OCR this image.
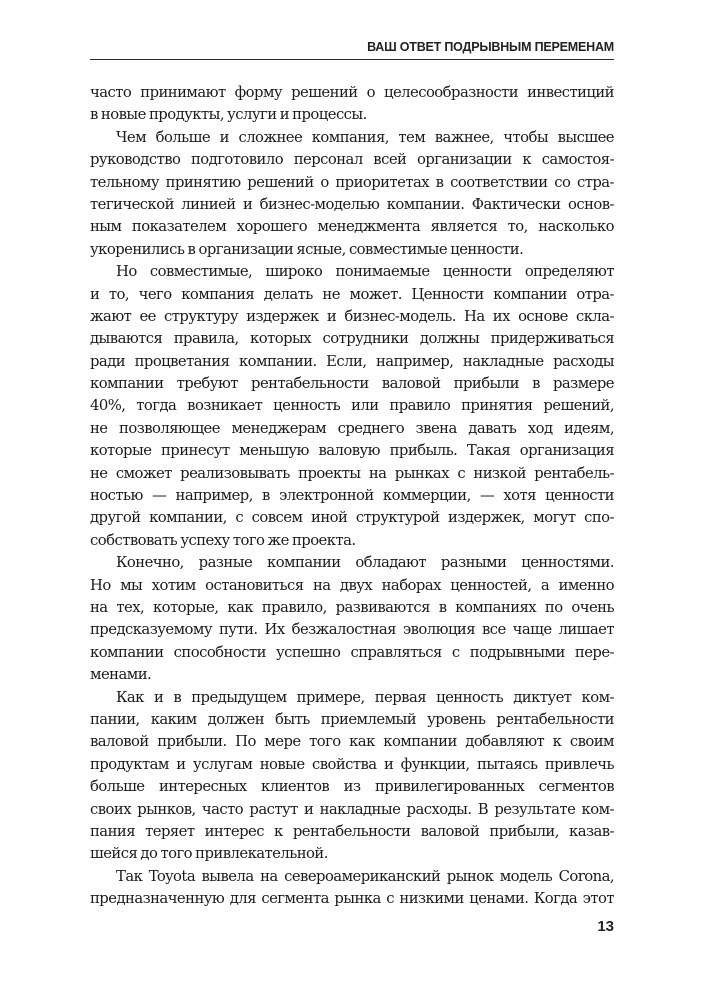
ВАШ ОТВЕТ ПОДРЫВНЫМ ПЕРЕМЕНАМ
часто принимают форму решений о целесообразности инвестиций
в новые продукты, услуги и процессы.
Чем больше и сложнее компания, тем важнее, чтобы высшее
руководство подготовило персонал всей организации к самостоя-
тельному принятию решений о приоритетах в соответствии со стра-
тегической линией и бизнес-моделью компании. Фактически основ-
ным показателем хорошего менеджмента является то, насколько
укоренились в организации ясные, совместимые ценности.
Но совместимые, широко понимаемые ценности определяют
и то, чего компания делать не может. Ценности компании отра-
жают ее структуру издержек и бизнес-модель. На их основе скла-
дываются правила, которых сотрудники должны придерживаться
ради процветания компании. Если, например, накладные расходы
компании требуют рентабельности валовой прибыли в размере
40%, тогда возникает ценность или правило принятия решений,
не позволяющее менеджерам среднего звена давать ход идеям,
которые принесут меньшую валовую прибыль. Такая организация
не сможет реализовывать проекты на рынках с низкой рентабель-
ностью — например, в электронной коммерции, — хотя ценности
другой компании, с совсем иной структурой издержек, могут спо-
собствовать успеху того же проекта.
Конечно, разные компании обладают разными ценностями.
Но мы хотим остановиться на двух наборах ценностей, а именно
на тех, которые, как правило, развиваются в компаниях по очень
предсказуемому пути. Их безжалостная эволюция все чаще лишает
компании способности успешно справляться с подрывными пере-
менами.
Как и в предыдущем примере, первая ценность диктует ком-
пании, каким должен быть приемлемый уровень рентабельности
валовой прибыли. По мере того как компании добавляют к своим
продуктам и услугам новые свойства и функции, пытаясь привлечь
больше интересных клиентов из привилегированных сегментов
своих рынков, часто растут и накладные расходы. В результате ком-
пания теряет интерес к рентабельности валовой прибыли, казав-
шейся до того привлекательной.
Так Toyota вывела на североамериканский рынок модель Corona,
предназначенную для сегмента рынка с низкими ценами. Когда этот
13
